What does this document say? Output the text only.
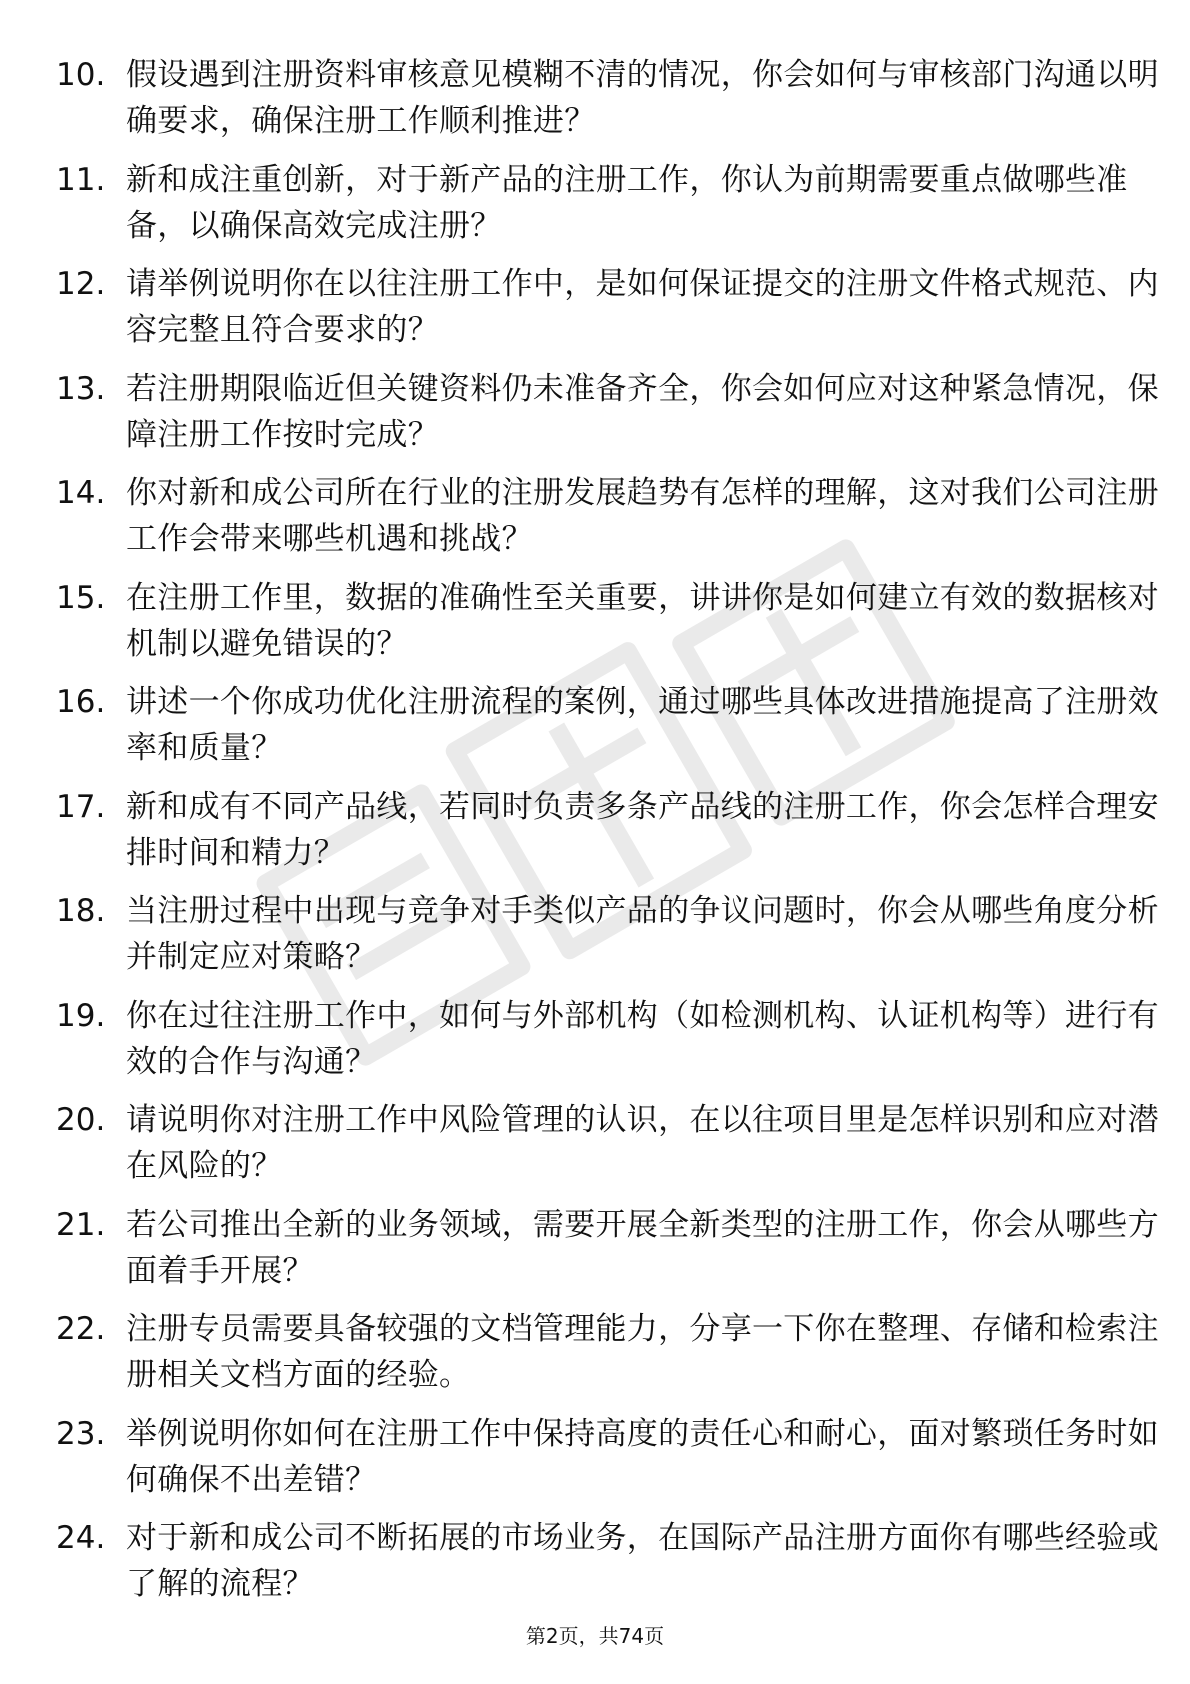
10. 假设遇到注册资料审核意见模糊不清的情况，你会如何与审核部门沟通以明确要求，确保注册工作顺利推进？
11. 新和成注重创新，对于新产品的注册工作，你认为前期需要重点做哪些准备，以确保高效完成注册？
12. 请举例说明你在以往注册工作中，是如何保证提交的注册文件格式规范、内容完整且符合要求的？
13. 若注册期限临近但关键资料仍未准备齐全，你会如何应对这种紧急情况，保障注册工作按时完成？
14. 你对新和成公司所在行业的注册发展趋势有怎样的理解，这对我们公司注册工作会带来哪些机遇和挑战？
15. 在注册工作里，数据的准确性至关重要，讲讲你是如何建立有效的数据核对机制以避免错误的？
16. 讲述一个你成功优化注册流程的案例，通过哪些具体改进措施提高了注册效率和质量？
17. 新和成有不同产品线，若同时负责多条产品线的注册工作，你会怎样合理安排时间和精力？
18. 当注册过程中出现与竞争对手类似产品的争议问题时，你会从哪些角度分析并制定应对策略？
19. 你在过往注册工作中，如何与外部机构（如检测机构、认证机构等）进行有效的合作与沟通？
20. 请说明你对注册工作中风险管理的认识，在以往项目里是怎样识别和应对潜在风险的？
21. 若公司推出全新的业务领域，需要开展全新类型的注册工作，你会从哪些方面着手开展？
22. 注册专员需要具备较强的文档管理能力，分享一下你在整理、存储和检索注册相关文档方面的经验。
23. 举例说明你如何在注册工作中保持高度的责任心和耐心，面对繁琐任务时如何确保不出差错？
24. 对于新和成公司不断拓展的市场业务，在国际产品注册方面你有哪些经验或了解的流程？
第2页，共74页
